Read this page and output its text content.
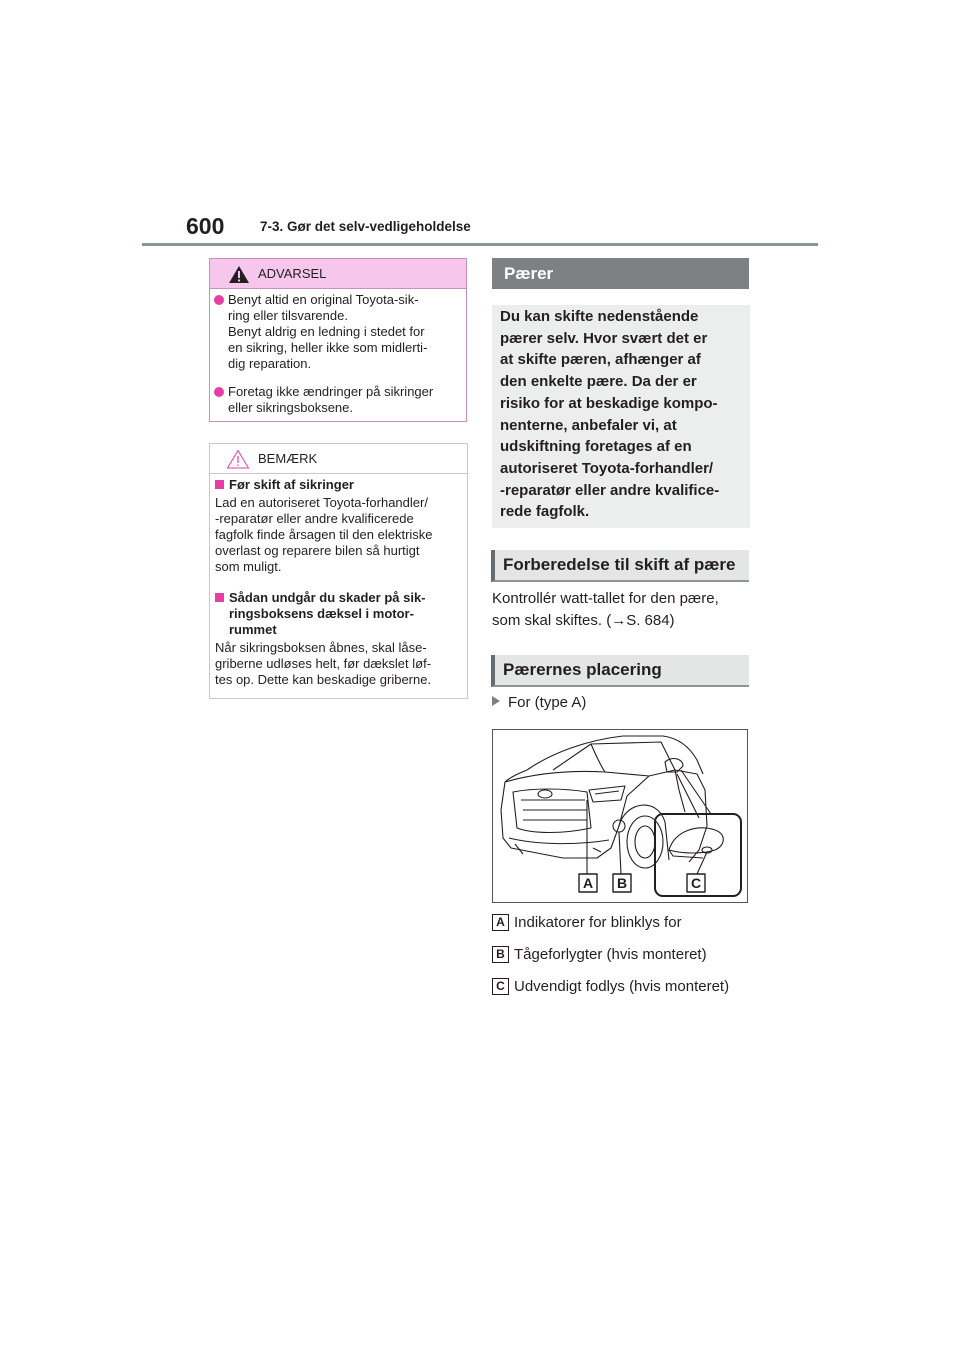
600	7-3. Gør det selv-vedligeholdelse
ADVARSEL
Benyt altid en original Toyota-sik-
ring eller tilsvarende.
Benyt aldrig en ledning i stedet for
en sikring, heller ikke som midlerti-
dig reparation.
Foretag ikke ændringer på sikringer
eller sikringsboksene.
BEMÆRK
Før skift af sikringer
Lad en autoriseret Toyota-forhandler/
-reparatør eller andre kvalificerede
fagfolk finde årsagen til den elektriske
overlast og reparere bilen så hurtigt
som muligt.
Sådan undgår du skader på sik-
ringsboksens dæksel i motor-
rummet
Når sikringsboksen åbnes, skal låse-
griberne udløses helt, før dækslet løf-
tes op. Dette kan beskadige griberne.
Pærer
Du kan skifte nedenstående
pærer selv. Hvor svært det er
at skifte pæren, afhænger af
den enkelte pære. Da der er
risiko for at beskadige kompo-
nenterne, anbefaler vi, at
udskiftning foretages af en
autoriseret Toyota-forhandler/
-reparatør eller andre kvalifice-
rede fagfolk.
Forberedelse til skift af pære
Kontrollér watt-tallet for den pære,
som skal skiftes. (→S. 684)
Pærernes placering
For (type A)
A B	C
A Indikatorer for blinklys for
B Tågeforlygter (hvis monteret)
C Udvendigt fodlys (hvis monteret)
